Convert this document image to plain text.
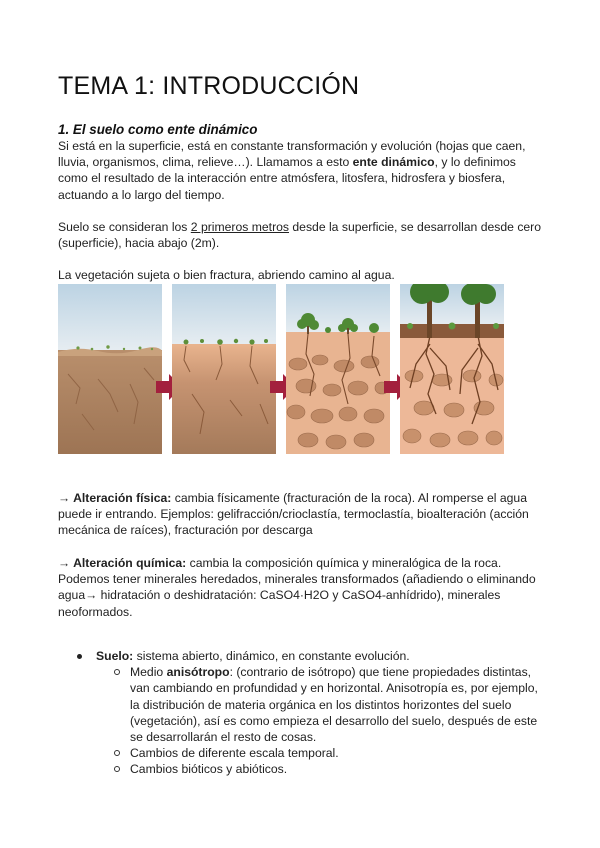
TEMA 1: INTRODUCCIÓN
1. El suelo como ente dinámico
Si está en la superficie, está en constante transformación y evolución (hojas que caen,
lluvia, organismos, clima, relieve…). Llamamos a esto ente dinámico, y lo definimos
como el resultado de la interacción entre atmósfera, litosfera, hidrosfera y biosfera,
actuando a lo largo del tiempo.
Suelo se consideran los 2 primeros metros desde la superficie, se desarrollan desde cero
(superficie), hacia abajo (2m).
La vegetación sujeta o bien fractura, abriendo camino al agua.
→ Alteración física: cambia físicamente (fracturación de la roca). Al romperse el agua
puede ir entrando. Ejemplos: gelifracción/crioclastía, termoclastía, bioalteración (acción
mecánica de raíces), fracturación por descarga
→ Alteración química: cambia la composición química y mineralógica de la roca.
Podemos tener minerales heredados, minerales transformados (añadiendo o eliminando
agua→ hidratación o deshidratación: CaSO4·H2O y CaSO4-anhídrido), minerales
neoformados.
Suelo: sistema abierto, dinámico, en constante evolución.
Medio anisótropo: (contrario de isótropo) que tiene propiedades distintas,
van cambiando en profundidad y en horizontal. Anisotropía es, por ejemplo,
la distribución de materia orgánica en los distintos horizontes del suelo
(vegetación), así es como empieza el desarrollo del suelo, después de este
se desarrollarán el resto de cosas.
Cambios de diferente escala temporal.
Cambios bióticos y abióticos.
